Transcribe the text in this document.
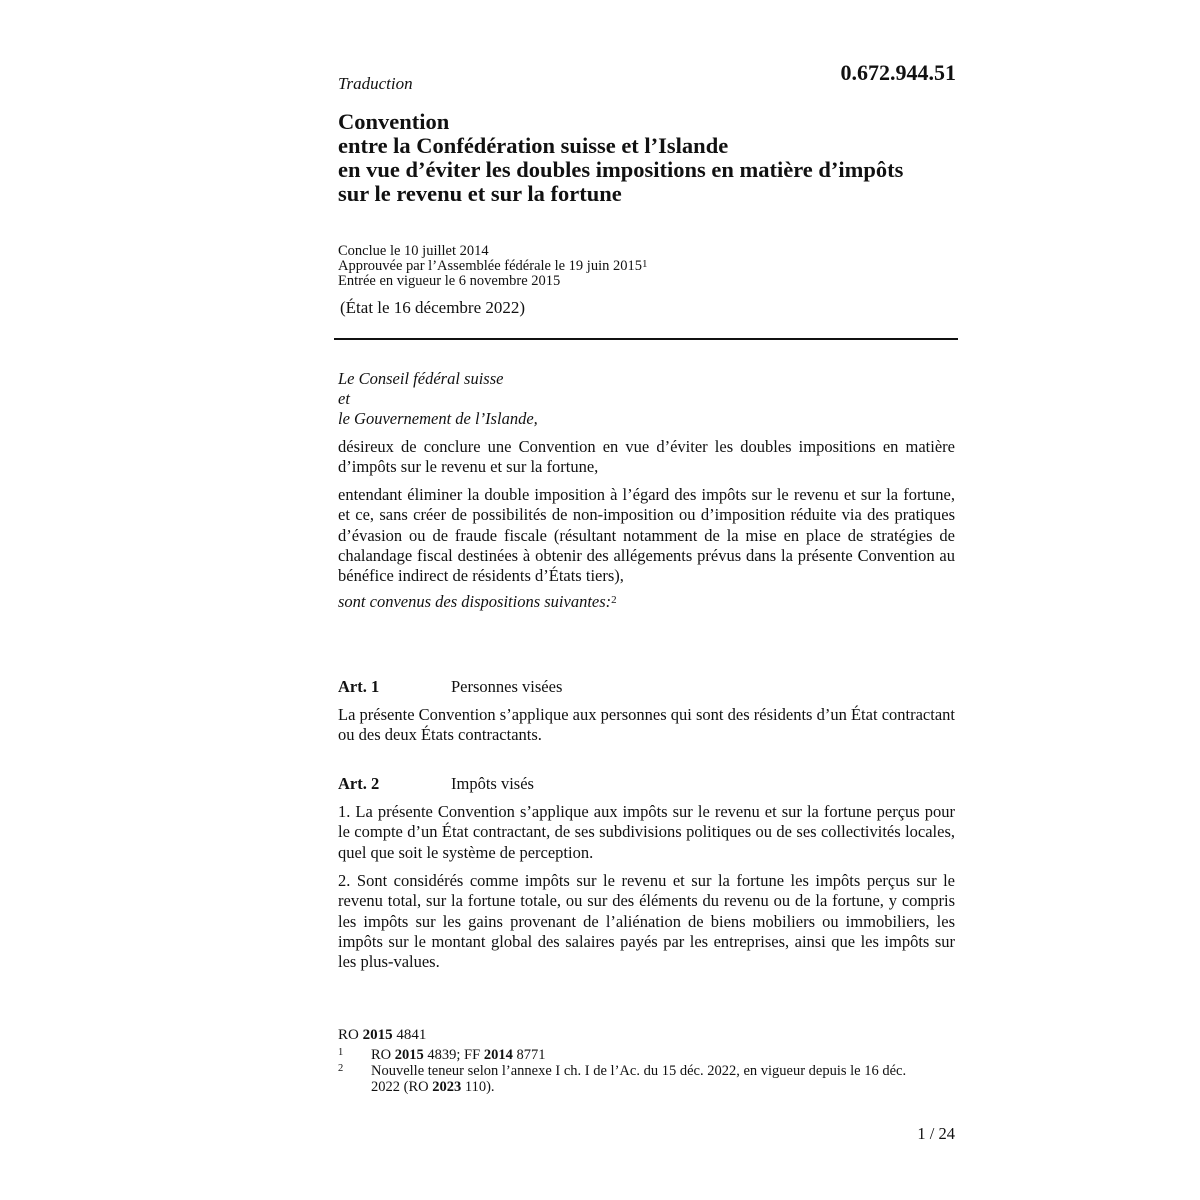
Traduction	0.672.944.51
Convention
entre la Confédération suisse et l’Islande
en vue d’éviter les doubles impositions en matière d’impôts
sur le revenu et sur la fortune
Conclue le 10 juillet 2014
Approuvée par l’Assemblée fédérale le 19 juin 2015$^1$
Entrée en vigueur le 6 novembre 2015
(État le 16 décembre 2022)
Le Conseil fédéral suisse
et
le Gouvernement de l’Islande,
désireux de conclure une Convention en vue d’éviter les doubles impositions en matière d’impôts sur le revenu et sur la fortune,
entendant éliminer la double imposition à l’égard des impôts sur le revenu et sur la fortune, et ce, sans créer de possibilités de non-imposition ou d’imposition réduite via des pratiques d’évasion ou de fraude fiscale (résultant notamment de la mise en place de stratégies de chalandage fiscal destinées à obtenir des allégements prévus dans la présente Convention au bénéfice indirect de résidents d’États tiers),
sont convenus des dispositions suivantes:$^2$
Art. 1	Personnes visées
La présente Convention s’applique aux personnes qui sont des résidents d’un État contractant ou des deux États contractants.
Art. 2	Impôts visés
1. La présente Convention s’applique aux impôts sur le revenu et sur la fortune perçus pour le compte d’un État contractant, de ses subdivisions politiques ou de ses collectivités locales, quel que soit le système de perception.
2. Sont considérés comme impôts sur le revenu et sur la fortune les impôts perçus sur le revenu total, sur la fortune totale, ou sur des éléments du revenu ou de la fortune, y compris les impôts sur les gains provenant de l’aliénation de biens mobiliers ou immobiliers, les impôts sur le montant global des salaires payés par les entreprises, ainsi que les impôts sur les plus-values.
RO 2015 4841
1 RO 2015 4839; FF 2014 8771
2 Nouvelle teneur selon l’annexe I ch. I de l’Ac. du 15 déc. 2022, en vigueur depuis le 16 déc. 2022 (RO 2023 110).
1 / 24
